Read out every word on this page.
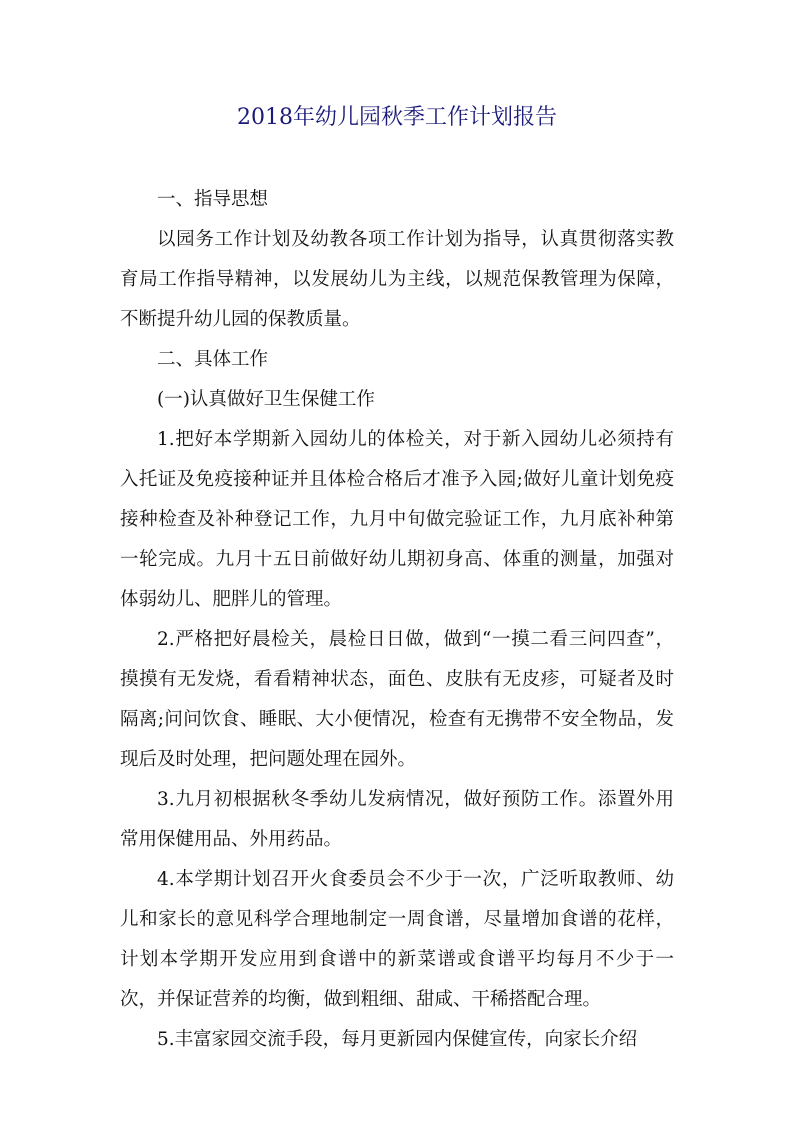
2018年幼儿园秋季工作计划报告

一、指导思想

以园务工作计划及幼教各项工作计划为指导，认真贯彻落实教育局工作指导精神，以发展幼儿为主线，以规范保教管理为保障，不断提升幼儿园的保教质量。

二、具体工作

(一)认真做好卫生保健工作

1.把好本学期新入园幼儿的体检关，对于新入园幼儿必须持有入托证及免疫接种证并且体检合格后才准予入园;做好儿童计划免疫接种检查及补种登记工作，九月中旬做完验证工作，九月底补种第一轮完成。九月十五日前做好幼儿期初身高、体重的测量，加强对体弱幼儿、肥胖儿的管理。

2.严格把好晨检关，晨检日日做，做到“一摸二看三问四查”，摸摸有无发烧，看看精神状态，面色、皮肤有无皮疹，可疑者及时隔离;问问饮食、睡眠、大小便情况，检查有无携带不安全物品，发现后及时处理，把问题处理在园外。

3.九月初根据秋冬季幼儿发病情况，做好预防工作。添置外用常用保健用品、外用药品。

4.本学期计划召开火食委员会不少于一次，广泛听取教师、幼儿和家长的意见科学合理地制定一周食谱，尽量增加食谱的花样，计划本学期开发应用到食谱中的新菜谱或食谱平均每月不少于一次，并保证营养的均衡，做到粗细、甜咸、干稀搭配合理。

5.丰富家园交流手段，每月更新园内保健宣传，向家长介绍
